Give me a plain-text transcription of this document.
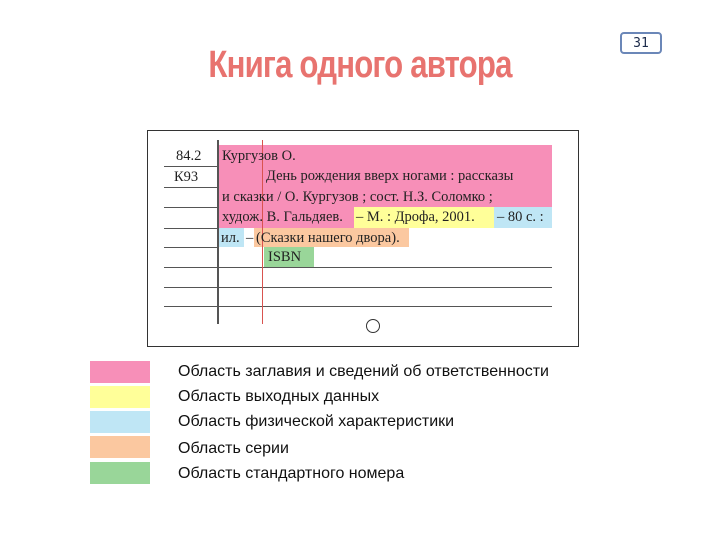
31
Книга одного автора
84.2
К93
Кургузов О.
День рождения вверх ногами : рассказы
и сказки / О. Кургузов ; сост. Н.З. Соломко ;
худож. В. Гальдяев. – М. : Дрофа, 2001. – 80 с. :
ил. – (Сказки нашего двора).
ISBN
Область заглавия и сведений об ответственности
Область выходных данных
Область физической характеристики
Область серии
Область стандартного номера
